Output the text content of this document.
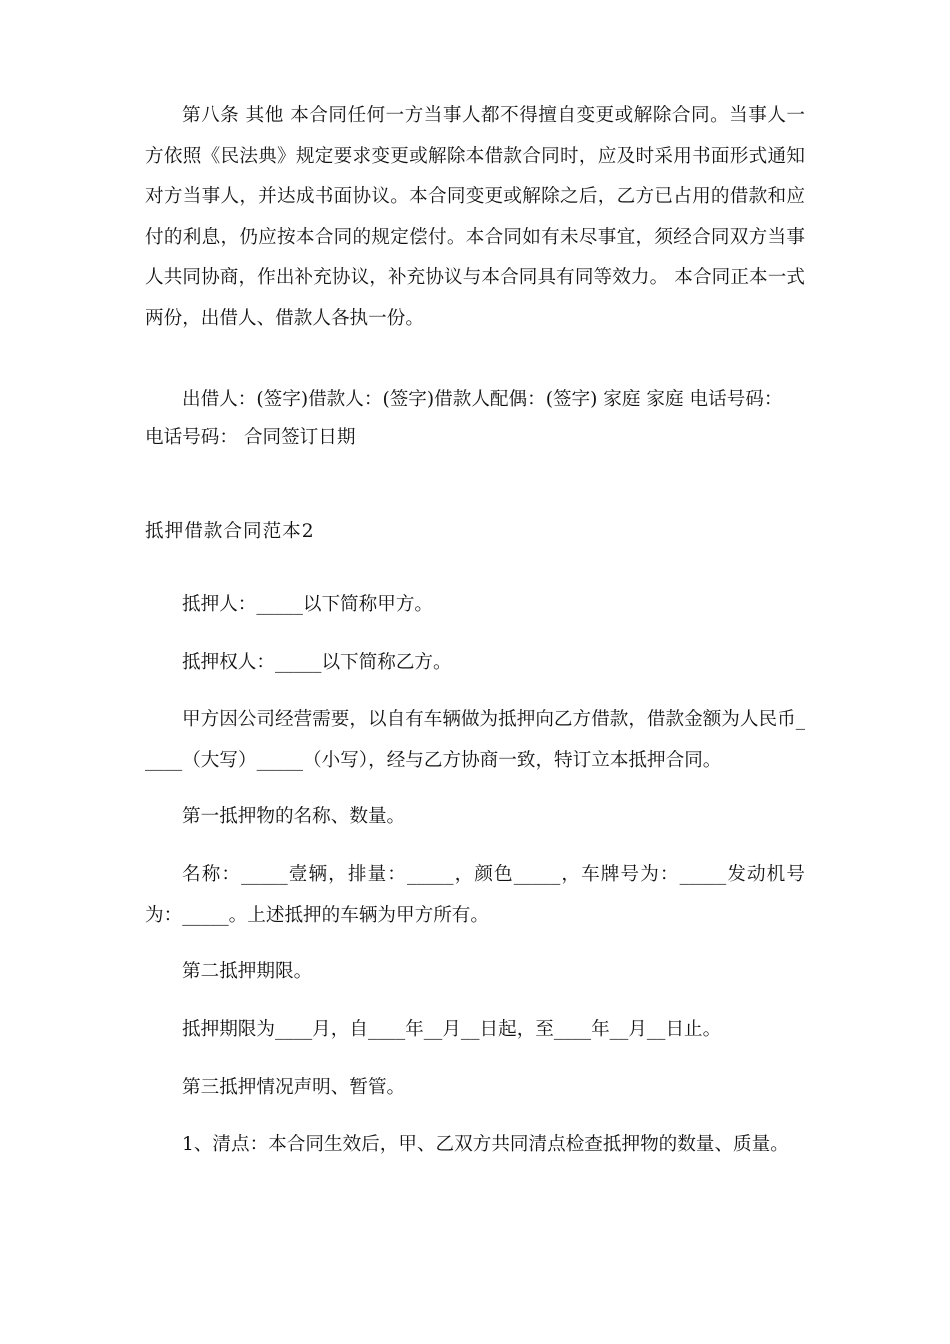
第八条 其他 本合同任何一方当事人都不得擅自变更或解除合同。当事人一方依照《民法典》规定要求变更或解除本借款合同时，应及时采用书面形式通知对方当事人，并达成书面协议。本合同变更或解除之后，乙方已占用的借款和应付的利息，仍应按本合同的规定偿付。本合同如有未尽事宜，须经合同双方当事人共同协商，作出补充协议，补充协议与本合同具有同等效力。 本合同正本一式两份，出借人、借款人各执一份。

出借人：(签字)借款人：(签字)借款人配偶：(签字) 家庭 家庭 电话号码：

电话号码： 合同签订日期

抵押借款合同范本2

抵押人：_____以下简称甲方。

抵押权人：_____以下简称乙方。

甲方因公司经营需要，以自有车辆做为抵押向乙方借款，借款金额为人民币_____（大写）_____（小写），经与乙方协商一致，特订立本抵押合同。

第一抵押物的名称、数量。

名称：_____壹辆，排量：_____，颜色_____，车牌号为：_____发动机号为：_____。上述抵押的车辆为甲方所有。

第二抵押期限。

抵押期限为____月，自____年__月__日起，至____年__月__日止。

第三抵押情况声明、暂管。

1、清点：本合同生效后，甲、乙双方共同清点检查抵押物的数量、质量。
